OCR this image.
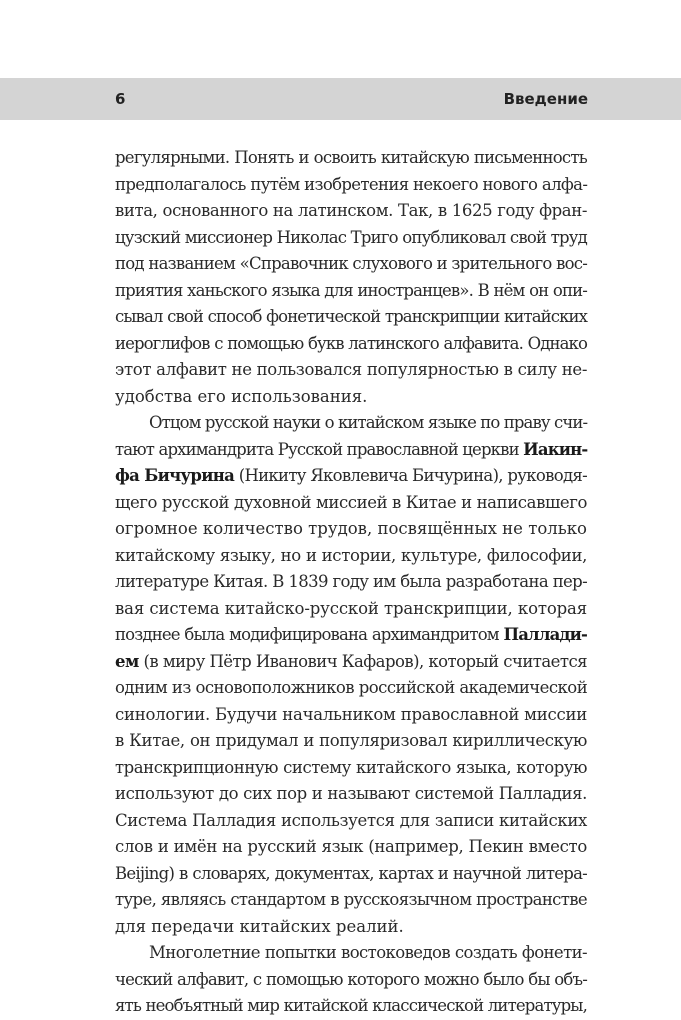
6	Введение
регулярными. Понять и освоить китайскую письменность
предполагалось путём изобретения некоего нового алфа-
вита, основанного на латинском. Так, в 1625 году фран-
цузский миссионер Николас Триго опубликовал свой труд
под названием «Справочник слухового и зрительного вос-
приятия ханьского языка для иностранцев». В нём он опи-
сывал свой способ фонетической транскрипции китайских
иероглифов с помощью букв латинского алфавита. Однако
этот алфавит не пользовался популярностью в силу не-
удобства его использования.
Отцом русской науки о китайском языке по праву счи-
тают архимандрита Русской православной церкви Иакин-
фа Бичурина (Никиту Яковлевича Бичурина), руководя-
щего русской духовной миссией в Китае и написавшего
огромное количество трудов, посвящённых не только
китайскому языку, но и истории, культуре, философии,
литературе Китая. В 1839 году им была разработана пер-
вая система китайско-русской транскрипции, которая
позднее была модифицирована архимандритом Паллади-
ем (в миру Пётр Иванович Кафаров), который считается
одним из основоположников российской академической
синологии. Будучи начальником православной миссии
в Китае, он придумал и популяризовал кириллическую
транскрипционную систему китайского языка, которую
используют до сих пор и называют системой Палладия.
Система Палладия используется для записи китайских
слов и имён на русский язык (например, Пекин вместо
Beijing) в словарях, документах, картах и научной литера-
туре, являясь стандартом в русскоязычном пространстве
для передачи китайских реалий.
Многолетние попытки востоковедов создать фонети-
ческий алфавит, с помощью которого можно было бы объ-
ять необъятный мир китайской классической литературы,
